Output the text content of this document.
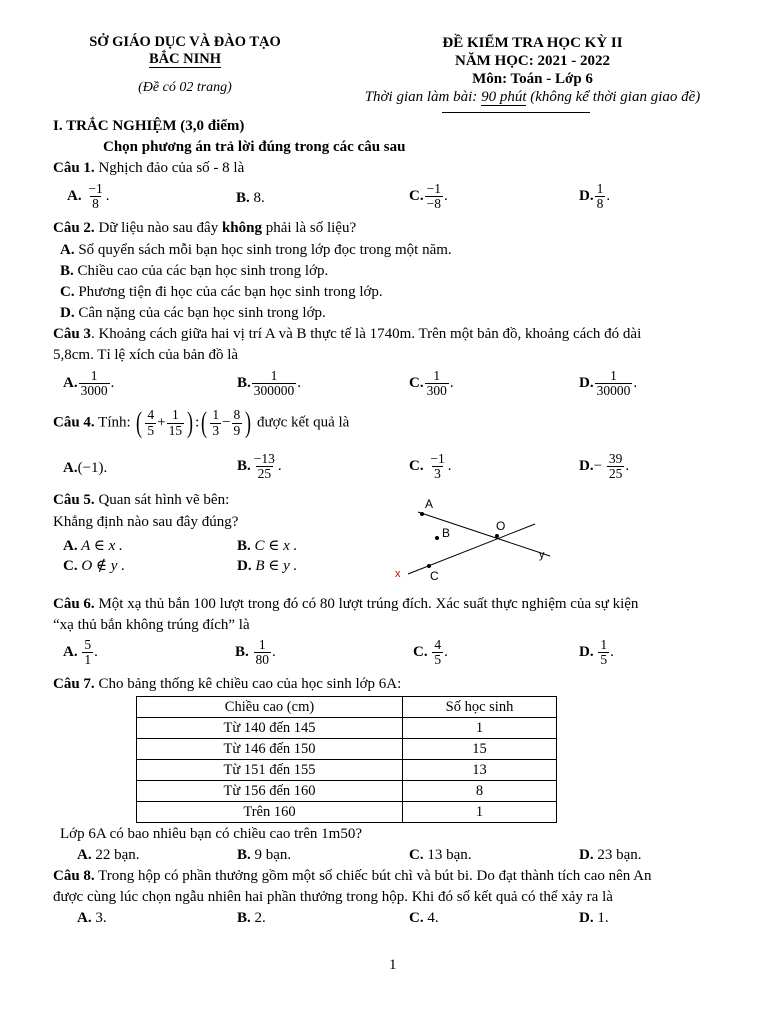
SỞ GIÁO DỤC VÀ ĐÀO TẠO
BẮC NINH
(Đề có 02 trang)
ĐỀ KIỂM TRA HỌC KỲ II
NĂM HỌC: 2021 - 2022
Môn: Toán - Lớp 6
Thời gian làm bài: 90 phút (không kể thời gian giao đề)
I. TRẮC NGHIỆM (3,0 điểm)
Chọn phương án trả lời đúng trong các câu sau
Câu 1. Nghịch đảo của số - 8 là
A. $\frac{-1}{8}$ .	B. 8.	C. $\frac{-1}{-8}$ .	D. $\frac{1}{8}$ .
Câu 2. Dữ liệu nào sau đây không phải là số liệu?
A. Số quyển sách mỗi bạn học sinh trong lớp đọc trong một năm.
B. Chiều cao của các bạn học sinh trong lớp.
C. Phương tiện đi học của các bạn học sinh trong lớp.
D. Cân nặng của các bạn học sinh trong lớp.
Câu 3. Khoảng cách giữa hai vị trí A và B thực tế là 1740m. Trên một bản đồ, khoảng cách đó dài
5,8cm. Tỉ lệ xích của bản đồ là
A. $\frac{1}{3000}$ .	B. $\frac{1}{300000}$ .	C. $\frac{1}{300}$ .	D. $\frac{1}{30000}$ .
Câu 4. Tính: ( $\frac{4}{5} + \frac{1}{15}$ ) :( $\frac{1}{3} - \frac{8}{9}$ ) được kết quả là
A.(−1).	B. $\frac{-13}{25}$ .	C. $\frac{-1}{3}$ .	$D.- \frac{39}{25}$ .
Câu 5. Quan sát hình vẽ bên:
Khẳng định nào sau đây đúng?
A. A ∈ x .	B. C ∈ x .
C. O ∉ y .	D. B ∈ y .
A
B
C
O
x
y
Câu 6. Một xạ thủ bắn 100 lượt trong đó có 80 lượt trúng đích. Xác suất thực nghiệm của sự kiện
“xạ thủ bắn không trúng đích” là
A. $\frac{5}{1}$ .	B. $\frac{1}{80}$ .	C. $\frac{4}{5}$ .	D. $\frac{1}{5}$ .
Câu 7. Cho bảng thống kê chiều cao của học sinh lớp 6A:
Chiều cao (cm)	Số học sinh
Từ 140 đến 145	1
Từ 146 đến 150	15
Từ 151 đến 155	13
Từ 156 đến 160	8
Trên 160	1
Lớp 6A có bao nhiêu bạn có chiều cao trên 1m50?
A. 22 bạn.	B. 9 bạn.	C. 13 bạn.	D. 23 bạn.
Câu 8. Trong hộp có phần thưởng gồm một số chiếc bút chì và bút bi. Do đạt thành tích cao nên An
được cùng lúc chọn ngẫu nhiên hai phần thưởng trong hộp. Khi đó số kết quả có thể xảy ra là
A. 3.	B. 2.	C. 4.	D. 1.
1
